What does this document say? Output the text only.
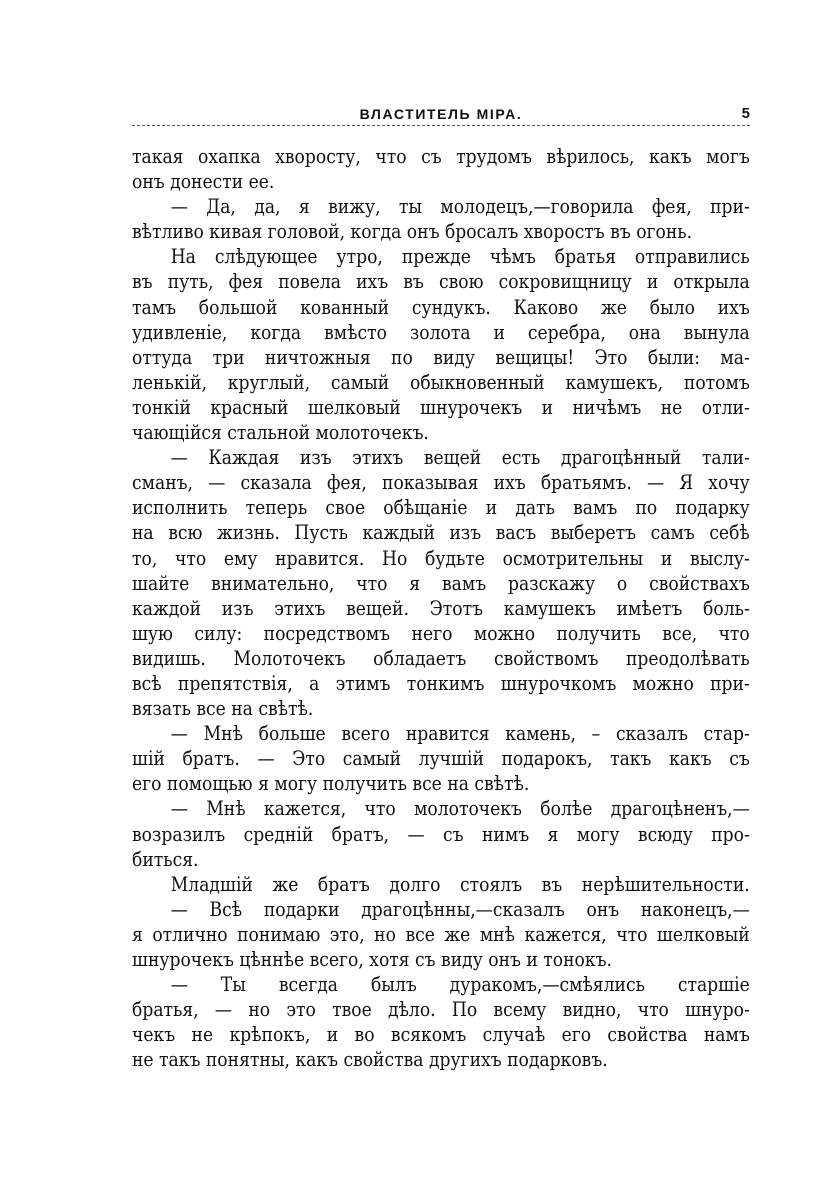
ВЛАСТИТЕЛЬ МІРА.	5
такая охапка хворосту, что съ трудомъ вѣрилось, какъ могъ
онъ донести ее.
— Да, да, я вижу, ты молодецъ,—говорила фея, при-
вѣтливо кивая головой, когда онъ бросалъ хворостъ въ огонь.
На слѣдующее утро, прежде чѣмъ братья отправились
въ путь, фея повела ихъ въ свою сокровищницу и открыла
тамъ большой кованный сундукъ. Каково же было ихъ
удивленіе, когда вмѣсто золота и серебра, она вынула
оттуда три ничтожныя по виду вещицы! Это были: ма-
ленькій, круглый, самый обыкновенный камушекъ, потомъ
тонкій красный шелковый шнурочекъ и ничѣмъ не отли-
чающійся стальной молоточекъ.
— Каждая изъ этихъ вещей есть драгоцѣнный тали-
сманъ, — сказала фея, показывая ихъ братьямъ. — Я хочу
исполнить теперь свое обѣщаніе и дать вамъ по подарку
на всю жизнь. Пусть каждый изъ васъ выберетъ самъ себѣ
то, что ему нравится. Но будьте осмотрительны и выслу-
шайте внимательно, что я вамъ разскажу о свойствахъ
каждой изъ этихъ вещей. Этотъ камушекъ имѣетъ боль-
шую силу: посредствомъ него можно получить все, что
видишь. Молоточекъ обладаетъ свойствомъ преодолѣвать
всѣ препятствія, а этимъ тонкимъ шнурочкомъ можно при-
вязать все на свѣтѣ.
— Мнѣ больше всего нравится камень, – сказалъ стар-
шій братъ. — Это самый лучшій подарокъ, такъ какъ съ
его помощью я могу получить все на свѣтѣ.
— Мнѣ кажется, что молоточекъ болѣе драгоцѣненъ,—
возразилъ средній братъ, — съ нимъ я могу всюду про-
биться.
Младшій же братъ долго стоялъ въ нерѣшительности.
— Всѣ подарки драгоцѣнны,—сказалъ онъ наконецъ,—
я отлично понимаю это, но все же мнѣ кажется, что шелковый
шнурочекъ цѣннѣе всего, хотя съ виду онъ и тонокъ.
— Ты всегда былъ дуракомъ,—смѣялись старшіе
братья, — но это твое дѣло. По всему видно, что шнуро-
чекъ не крѣпокъ, и во всякомъ случаѣ его свойства намъ
не такъ понятны, какъ свойства другихъ подарковъ.
